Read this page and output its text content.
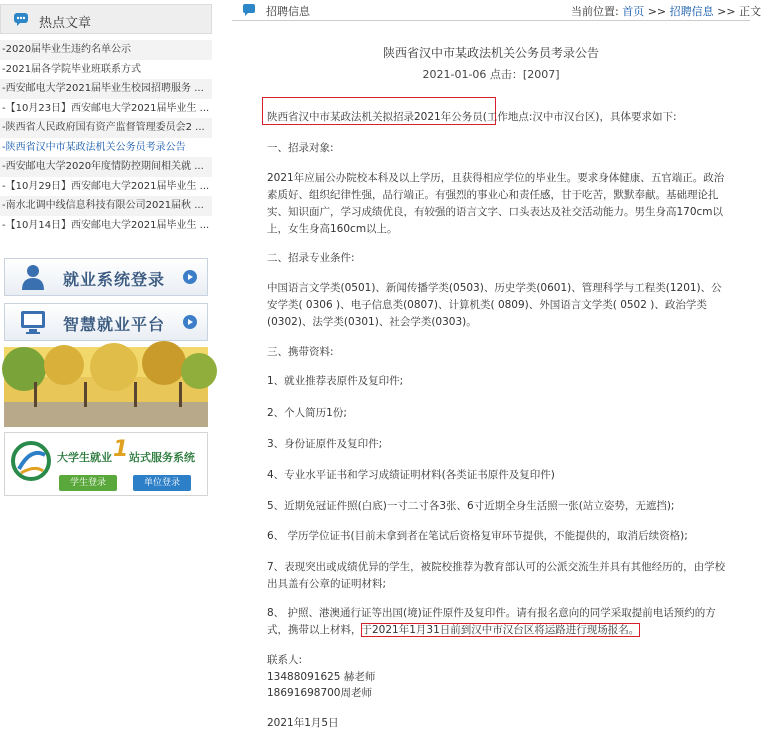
热点文章
-2020届毕业生违约名单公示
-2021届各学院毕业班联系方式
-西安邮电大学2021届毕业生校园招聘服务 ...
-【10月23日】西安邮电大学2021届毕业生 ...
-陕西省人民政府国有资产监督管理委员会2 ...
-陕西省汉中市某政法机关公务员考录公告
-西安邮电大学2020年度情防控期间相关就 ...
-【10月29日】西安邮电大学2021届毕业生 ...
-南水北调中线信息科技有限公司2021届秋 ...
-【10月14日】西安邮电大学2021届毕业生 ...
就业系统登录
智慧就业平台
大学生就业 1 站式服务系统
学生登录	单位登录
招聘信息	当前位置: 首页 >> 招聘信息 >> 正文
陕西省汉中市某政法机关公务员考录公告
2021-01-06 点击：[2007]

陕西省汉中市某政法机关拟招录2021年公务员(工作地点:汉中市汉台区)，具体要求如下:

一、招录对象:

2021年应届公办院校本科及以上学历，且获得相应学位的毕业生。要求身体健康、五官端正。政治素质好、组织纪律性强，品行端正。有强烈的事业心和责任感，甘于吃苦，默默奉献。基础理论扎实、知识面广，学习成绩优良，有较强的语言文字、口头表达及社交活动能力。男生身高170cm以上，女生身高160cm以上。

二、招录专业条件:

中国语言文学类(0501)、新闻传播学类(0503)、历史学类(0601)、管理科学与工程类(1201)、公安学类( 0306 )、电子信息类(0807)、计算机类( 0809)、外国语言文学类( 0502 )、政治学类(0302)、法学类(0301)、社会学类(0303)。

三、携带资料:

1、就业推荐表原件及复印件;

2、个人简历1份;

3、身份证原件及复印件;

4、专业水平证书和学习成绩证明材料(各类证书原件及复印件)

5、近期免冠证件照(白底)一寸二寸各3张、6寸近期全身生活照一张(站立姿势，无遮挡);

6、 学历学位证书(目前未拿到者在笔试后资格复审环节提供，不能提供的，取消后续资格);

7、表现突出或成绩优异的学生，被院校推荐为教育部认可的公派交流生并具有其他经历的，由学校出具盖有公章的证明材料;

8、 护照、港澳通行证等出国(境)证件原件及复印件。请有报名意向的同学采取提前电话预约的方式，携带以上材料，于2021年1月31日前到汉中市汉台区将运路进行现场报名。

联系人:

13488091625 赫老师

18691698700周老师

2021年1月5日
